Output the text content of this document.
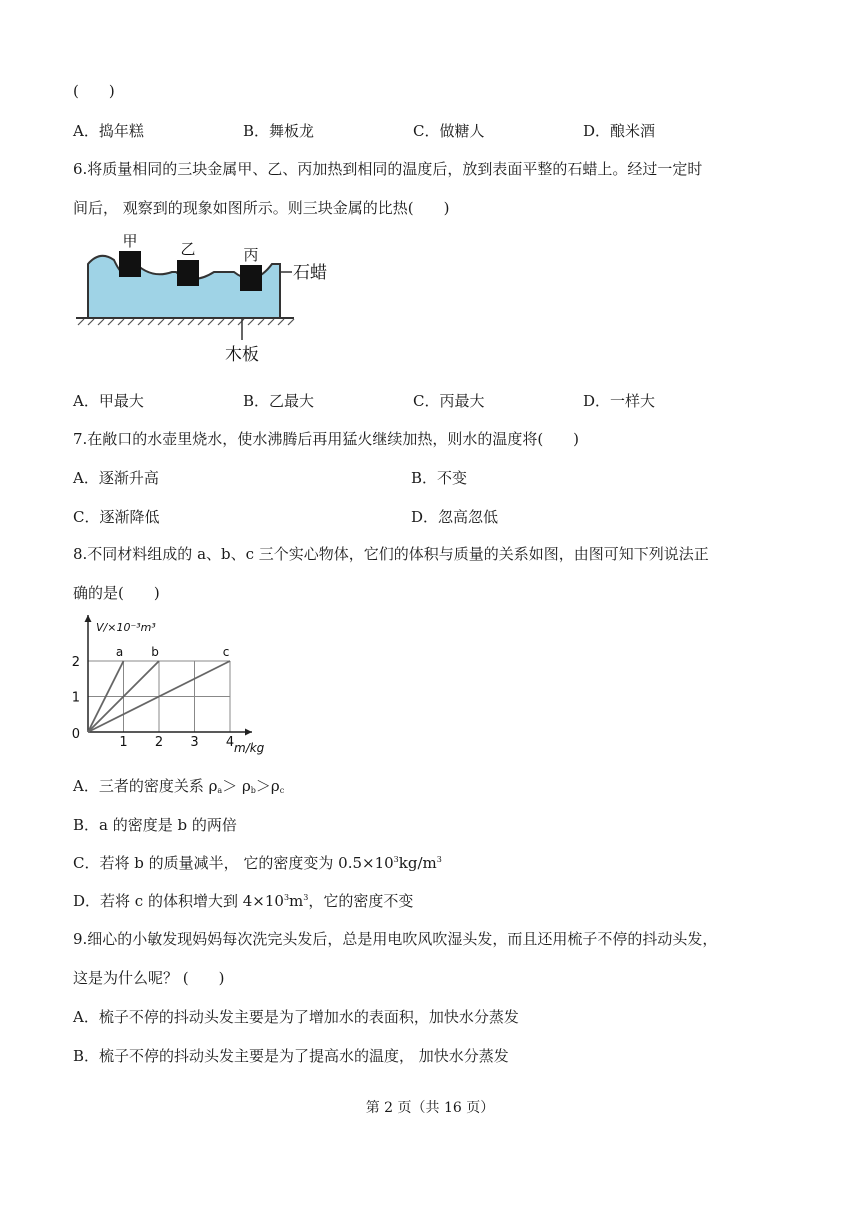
(　　)
A．捣年糕	B．舞板龙	C．做糖人	D．酿米酒
6.将质量相同的三块金属甲、乙、丙加热到相同的温度后，放到表面平整的石蜡上。经过一定时
间后， 观察到的现象如图所示。则三块金属的比热(　　)
甲	乙	丙
石蜡
木板
A．甲最大	B．乙最大	C．丙最大	D．一样大
7.在敞口的水壶里烧水，使水沸腾后再用猛火继续加热，则水的温度将(　　)
A．逐渐升高	B．不变
C．逐渐降低	D．忽高忽低
8.不同材料组成的 a、b、c 三个实心物体，它们的体积与质量的关系如图，由图可知下列说法正
确的是(　　)
a b	c
1 2 3 4
1
2
0
V/×10⁻³m³
m/kg
A．三者的密度关系 $\rho_a> \rho_b>\rho_c$
B．a 的密度是 b 的两倍
C．若将 b 的质量减半， 它的密度变为 $0.5\times 10^3kg/m^3$
D．若将 c 的体积增大到 $4\times 10^3m^3$，它的密度不变
9.细心的小敏发现妈妈每次洗完头发后，总是用电吹风吹湿头发，而且还用梳子不停的抖动头发，
这是为什么呢？ (　　)
A．梳子不停的抖动头发主要是为了增加水的表面积，加快水分蒸发
B．梳子不停的抖动头发主要是为了提高水的温度， 加快水分蒸发
第 2 页（共 16 页）
